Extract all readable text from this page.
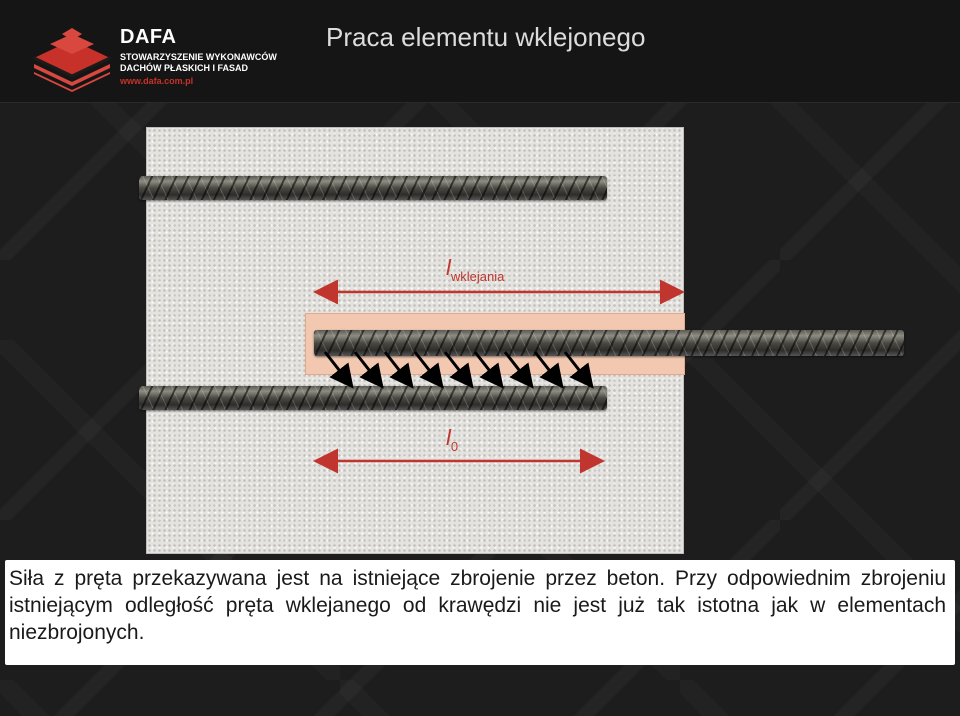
DAFA
STOWARZYSZENIE WYKONAWCÓW DACHÓW PŁASKICH I FASAD
www.dafa.com.pl
Praca elementu wklejonego
$l_{wklejania}$
$l_0$
Siła z pręta przekazywana jest na istniejące zbrojenie przez beton. Przy odpowiednim zbrojeniu istniejącym odległość pręta wklejanego od krawędzi nie jest już tak istotna jak w elementach niezbrojonych.
